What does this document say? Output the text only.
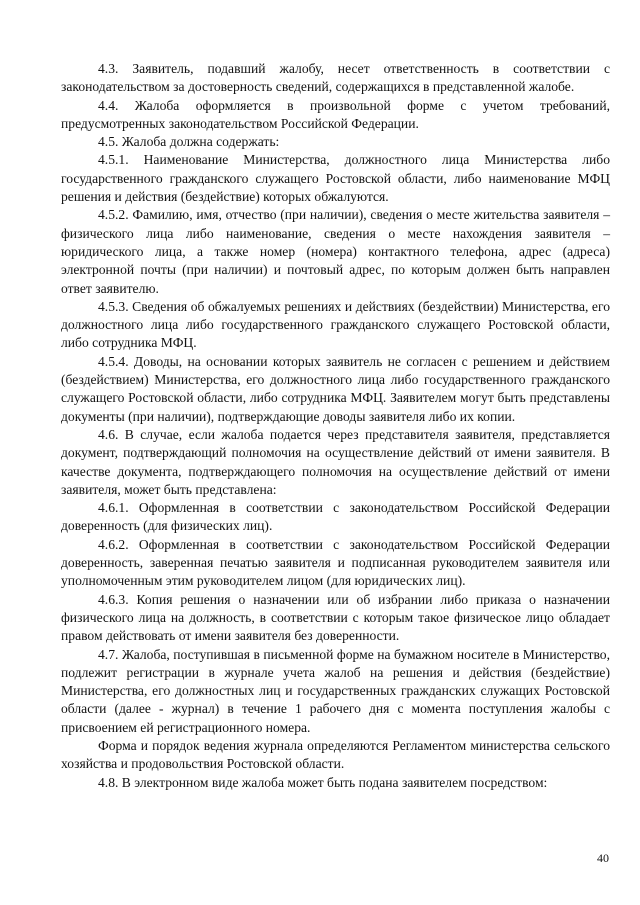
4.3. Заявитель, подавший жалобу, несет ответственность в соответствии с законодательством за достоверность сведений, содержащихся в представленной жалобе.

4.4. Жалоба оформляется в произвольной форме с учетом требований, предусмотренных законодательством Российской Федерации.

4.5. Жалоба должна содержать:

4.5.1. Наименование Министерства, должностного лица Министерства либо государственного гражданского служащего Ростовской области, либо наименование МФЦ решения и действия (бездействие) которых обжалуются.

4.5.2. Фамилию, имя, отчество (при наличии), сведения о месте жительства заявителя – физического лица либо наименование, сведения о месте нахождения заявителя – юридического лица, а также номер (номера) контактного телефона, адрес (адреса) электронной почты (при наличии) и почтовый адрес, по которым должен быть направлен ответ заявителю.

4.5.3. Сведения об обжалуемых решениях и действиях (бездействии) Министерства, его должностного лица либо государственного гражданского служащего Ростовской области, либо сотрудника МФЦ.

4.5.4. Доводы, на основании которых заявитель не согласен с решением и действием (бездействием) Министерства, его должностного лица либо государственного гражданского служащего Ростовской области, либо сотрудника МФЦ. Заявителем могут быть представлены документы (при наличии), подтверждающие доводы заявителя либо их копии.

4.6. В случае, если жалоба подается через представителя заявителя, представляется документ, подтверждающий полномочия на осуществление действий от имени заявителя. В качестве документа, подтверждающего полномочия на осуществление действий от имени заявителя, может быть представлена:

4.6.1. Оформленная в соответствии с законодательством Российской Федерации доверенность (для физических лиц).

4.6.2. Оформленная в соответствии с законодательством Российской Федерации доверенность, заверенная печатью заявителя и подписанная руководителем заявителя или уполномоченным этим руководителем лицом (для юридических лиц).

4.6.3. Копия решения о назначении или об избрании либо приказа о назначении физического лица на должность, в соответствии с которым такое физическое лицо обладает правом действовать от имени заявителя без доверенности.

4.7. Жалоба, поступившая в письменной форме на бумажном носителе в Министерство, подлежит регистрации в журнале учета жалоб на решения и действия (бездействие) Министерства, его должностных лиц и государственных гражданских служащих Ростовской области (далее - журнал) в течение 1 рабочего дня с момента поступления жалобы с присвоением ей регистрационного номера.

Форма и порядок ведения журнала определяются Регламентом министерства сельского хозяйства и продовольствия Ростовской области.

4.8. В электронном виде жалоба может быть подана заявителем посредством:

40
